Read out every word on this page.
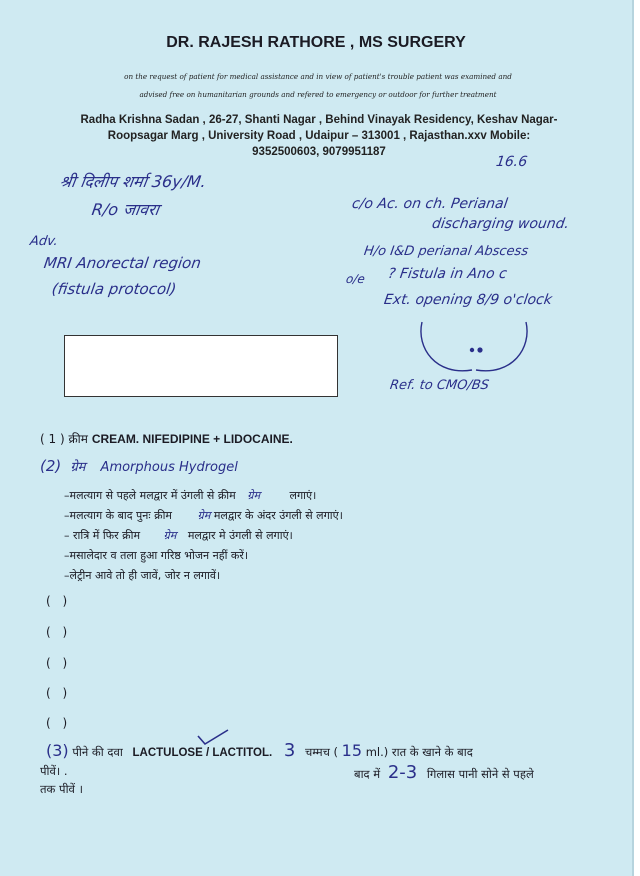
DR. RAJESH RATHORE , MS SURGERY
on the request of patient for medical assistance and in view of patient's trouble patient was examined and
advised free on humanitarian grounds and refered to emergency or outdoor for further treatment
Radha Krishna Sadan , 26-27, Shanti Nagar , Behind Vinayak Residency, Keshav Nagar-
Roopsagar Marg , University Road , Udaipur – 313001 , Rajasthan.xxv Mobile:
9352500603, 9079951187
16.6
श्री दिलीप शर्मा 36y/M.
R/o जावरा
Adv.
MRI Anorectal region
(fistula protocol)
c/o Ac. on ch. Perianal
discharging wound.
H/o I&D perianal Abscess
o/e ? Fistula in Ano c
Ext. opening 8/9 o'clock
Ref. to CMO/BS
( 1 ) क्रीम CREAM. NIFEDIPINE + LIDOCAINE.
(2) ग्रेम Amorphous Hydrogel
–मलत्याग से पहले मलद्वार में उंगली से क्रीम ग्रेम	लगाएं।
–मलत्याग के बाद पुनः क्रीम ग्रेम मलद्वार के अंदर उंगली से लगाएं।
– रात्रि में फिर क्रीम ग्रेम मलद्वार मे उंगली से लगाएं।
–मसालेदार व तला हुआ गरिष्ठ भोजन नहीं करें।
–लेट्रीन आवे तो ही जावें, जोर न लगावें।
( )
( )
( )
( )
( )
(3) पीने की दवा LACTULOSE / LACTITOL. 3 चम्मच ( 15 ml.) रात के खाने के बाद
पीवें। .	बाद में 2-3 गिलास पानी सोने से पहले
तक पीवें ।
